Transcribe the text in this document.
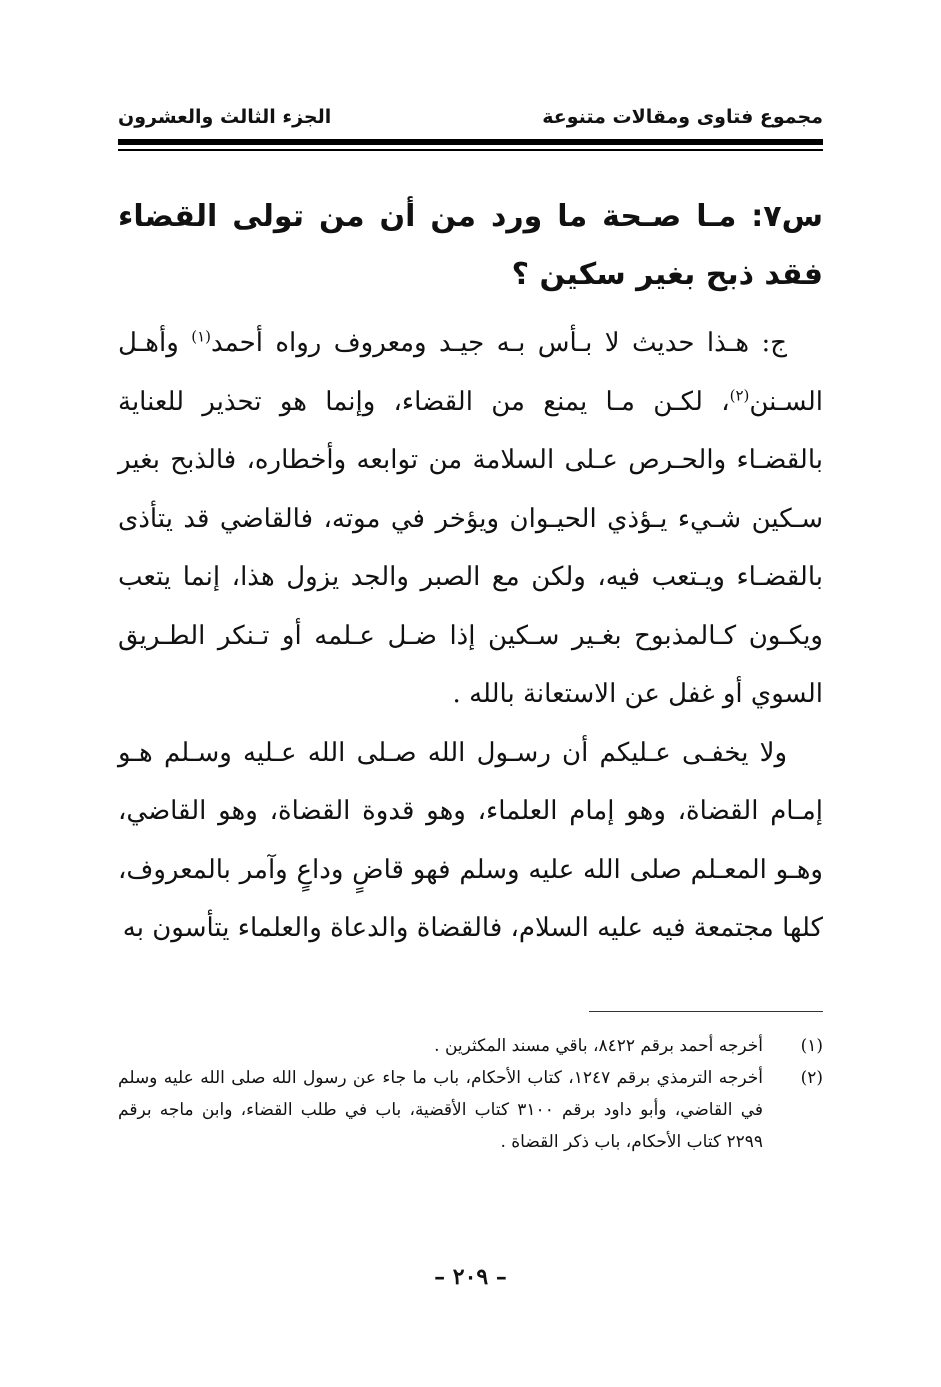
مجموع فتاوى ومقالات متنوعة
الجزء الثالث والعشرون

س٧: مـا صـحة ما ورد من أن من تولى القضاء فقد ذبح بغير سكين ؟

ج: هـذا حديث لا بـأس بـه جيـد ومعروف رواه أحمد$^{(١)}$ وأهـل السـنن$^{(٢)}$، لكـن مـا يمنع من القضاء، وإنما هو تحذير للعناية بالقضـاء والحـرص عـلى السلامة من توابعه وأخطاره، فالذبح بغير سـكين شـيء يـؤذي الحيـوان ويؤخر في موته، فالقاضي قد يتأذى بالقضـاء ويـتعب فيه، ولكن مع الصبر والجد يزول هذا، إنما يتعب ويكـون كـالمذبوح بغـير سـكين إذا ضـل عـلمه أو تـنكر الطـريق السوي أو غفل عن الاستعانة بالله .

ولا يخفـى عـليكم أن رسـول الله صـلى الله عـليه وسـلم هـو إمـام القضاة، وهو إمام العلماء، وهو قدوة القضاة، وهو القاضي، وهـو المعـلم صلى الله عليه وسلم فهو قاضٍ وداعٍ وآمر بالمعروف، كلها مجتمعة فيه عليه السلام، فالقضاة والدعاة والعلماء يتأسون به

(١)
أخرجه أحمد برقم ٨٤٢٢، باقي مسند المكثرين .
(٢)
أخرجه الترمذي برقم ١٢٤٧، كتاب الأحكام، باب ما جاء عن رسول الله صلى الله عليه وسلم في القاضي، وأبو داود برقم ٣١٠٠ كتاب الأقضية، باب في طلب القضاء، وابن ماجه برقم ٢٢٩٩ كتاب الأحكام، باب ذكر القضاة .
– ٢٠٩ –
